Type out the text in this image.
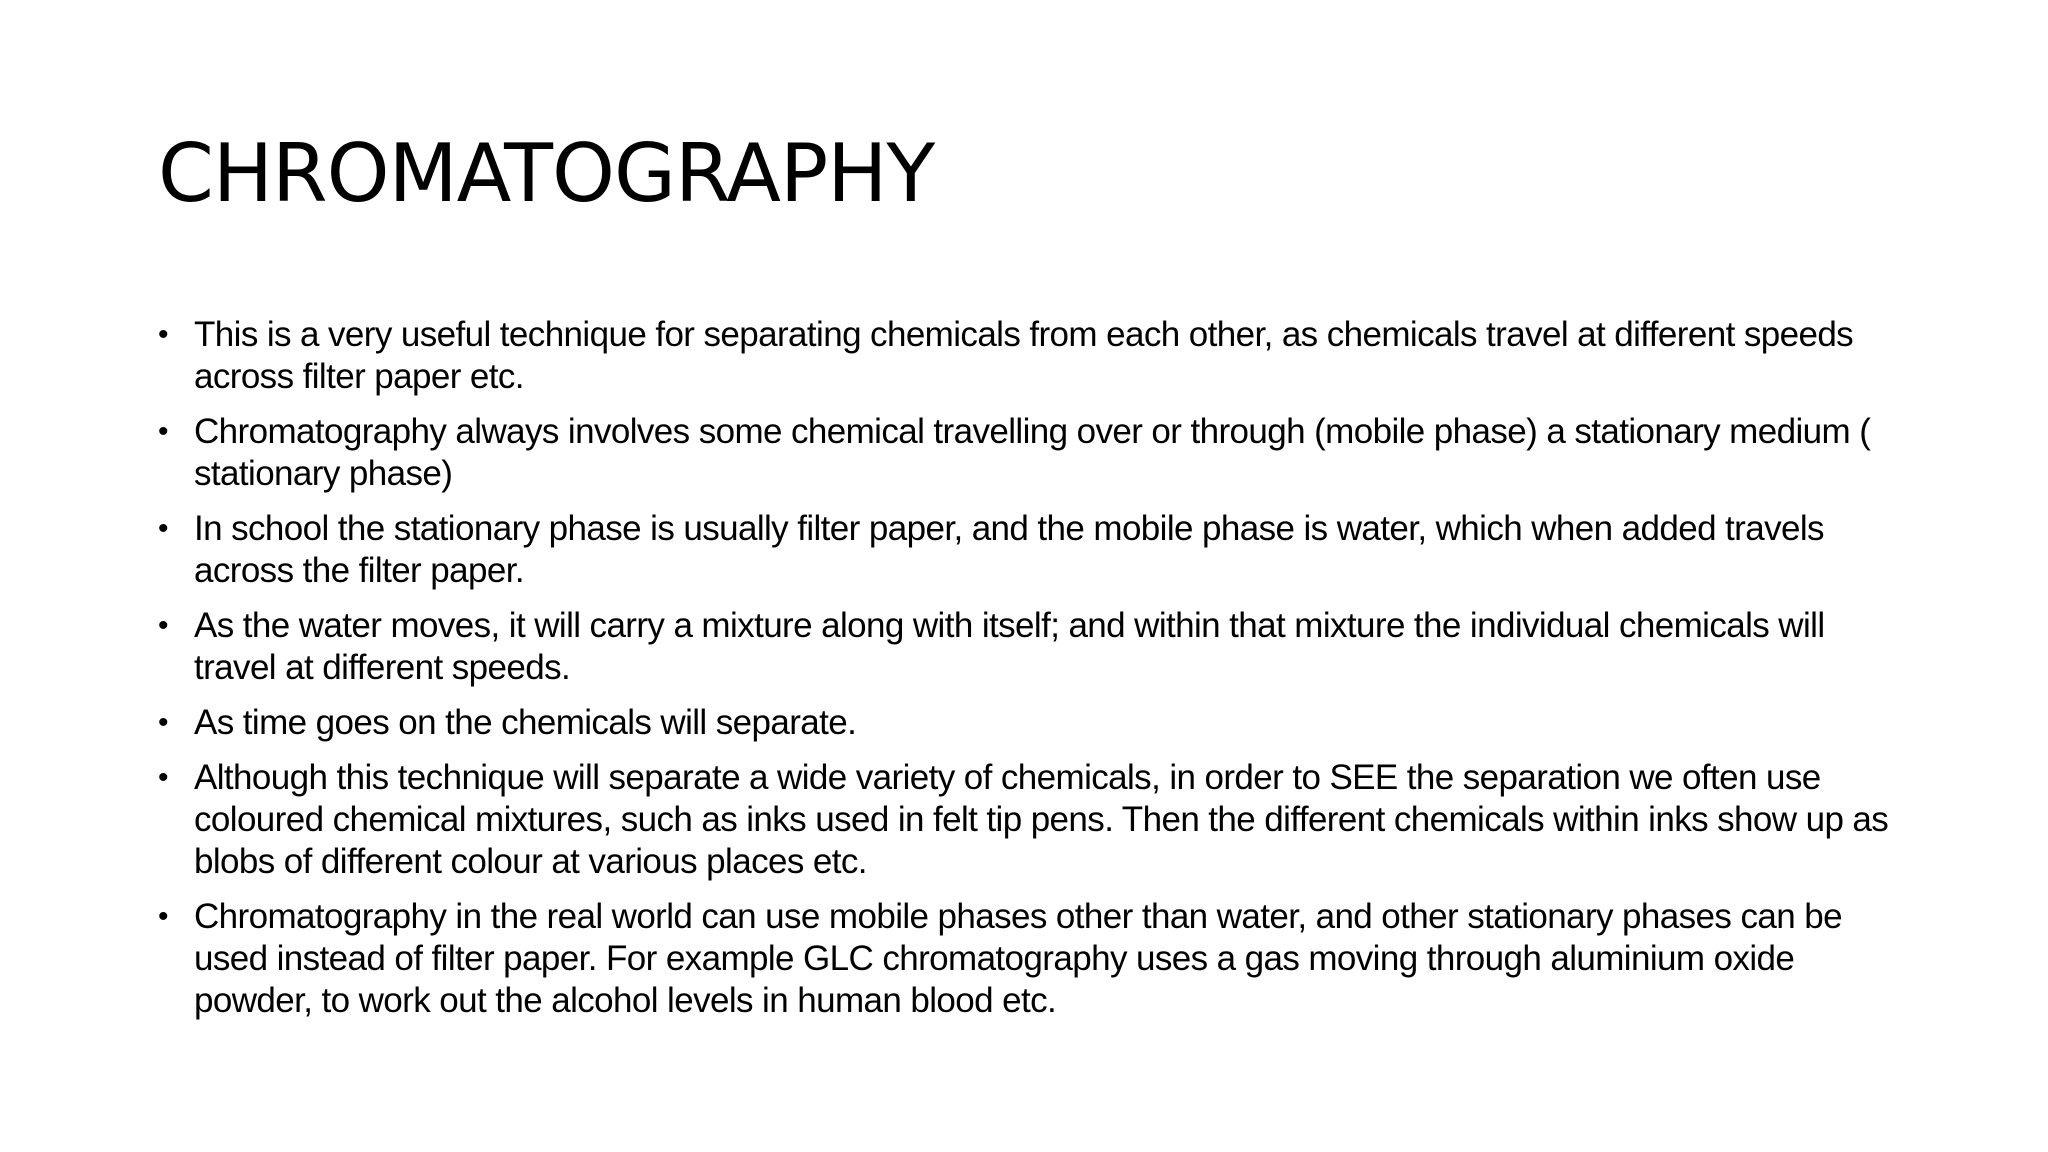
CHROMATOGRAPHY
• This is a very useful technique for separating chemicals from each other, as chemicals travel at different speeds across filter paper etc.
• Chromatography always involves some chemical travelling over or through (mobile phase) a stationary medium ( stationary phase)
• In school the stationary phase is usually filter paper, and the mobile phase is water, which when added travels across the filter paper.
• As the water moves, it will carry a mixture along with itself; and within that mixture the individual chemicals will travel at different speeds.
• As time goes on the chemicals will separate.
• Although this technique will separate a wide variety of chemicals, in order to SEE the separation we often use coloured chemical mixtures, such as inks used in felt tip pens. Then the different chemicals within inks show up as blobs of different colour at various places etc.
• Chromatography in the real world can use mobile phases other than water, and other stationary phases can be used instead of filter paper. For example GLC chromatography uses a gas moving through aluminium oxide powder, to work out the alcohol levels in human blood etc.
